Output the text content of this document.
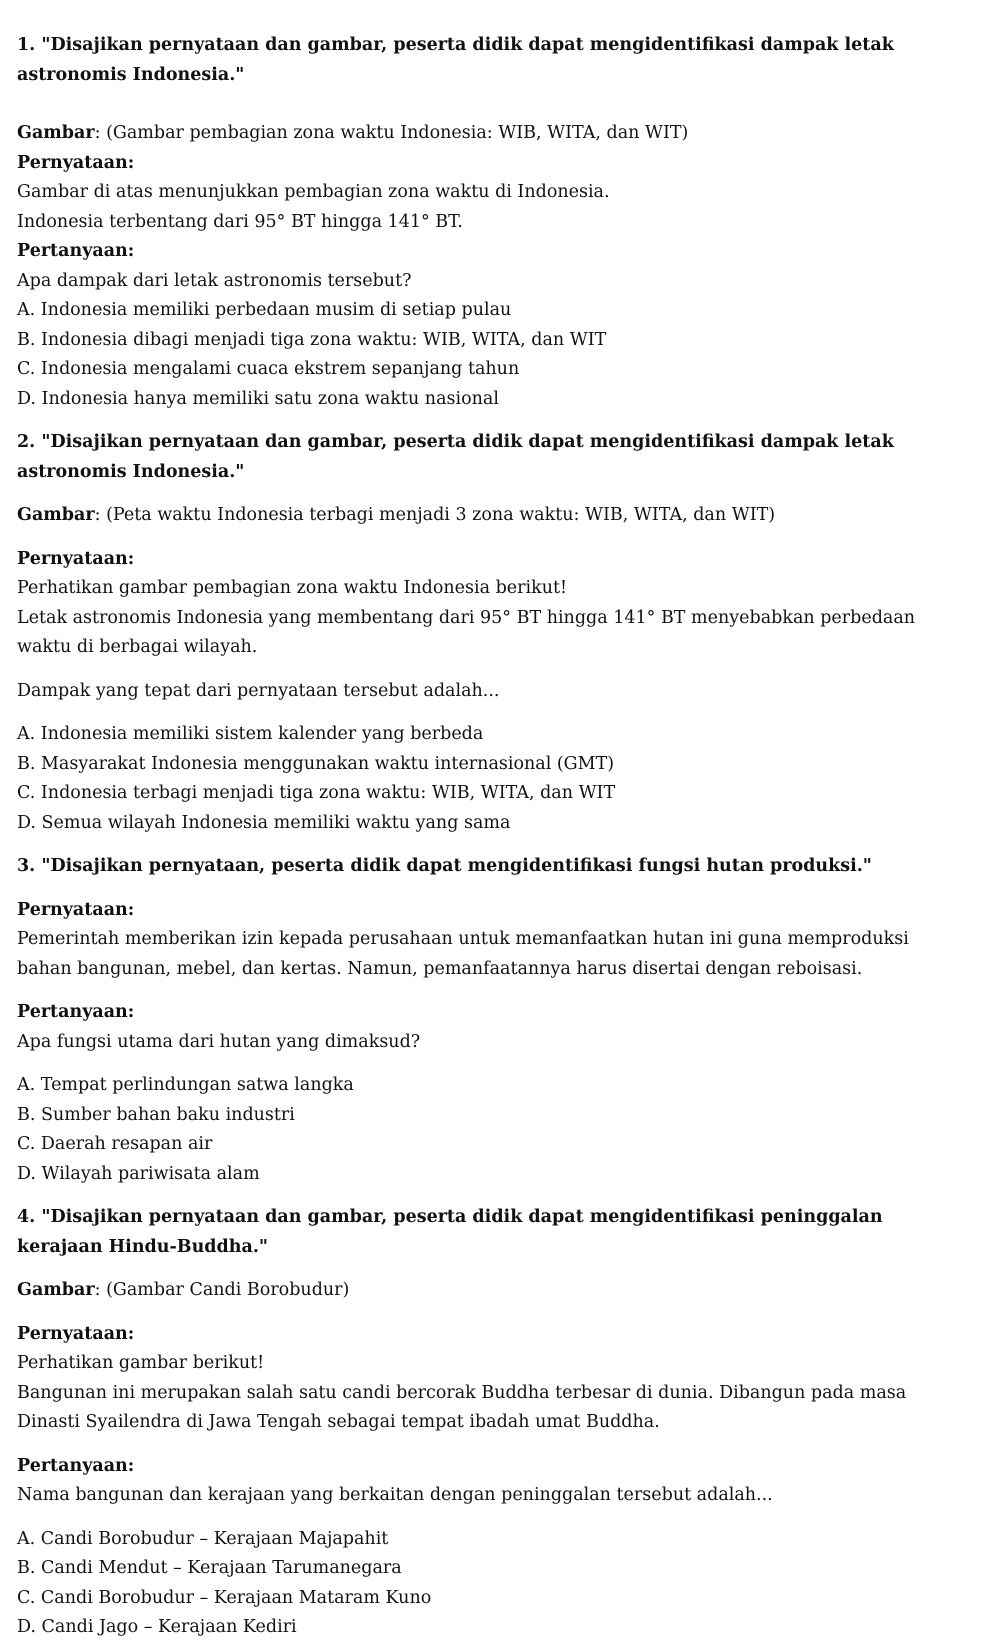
1. "Disajikan pernyataan dan gambar, peserta didik dapat mengidentifikasi dampak letak astronomis Indonesia."

Gambar: (Gambar pembagian zona waktu Indonesia: WIB, WITA, dan WIT)

Pernyataan:

Gambar di atas menunjukkan pembagian zona waktu di Indonesia.

Indonesia terbentang dari 95° BT hingga 141° BT.

Pertanyaan:

Apa dampak dari letak astronomis tersebut?

A. Indonesia memiliki perbedaan musim di setiap pulau

B. Indonesia dibagi menjadi tiga zona waktu: WIB, WITA, dan WIT

C. Indonesia mengalami cuaca ekstrem sepanjang tahun

D. Indonesia hanya memiliki satu zona waktu nasional

2. "Disajikan pernyataan dan gambar, peserta didik dapat mengidentifikasi dampak letak astronomis Indonesia."

Gambar: (Peta waktu Indonesia terbagi menjadi 3 zona waktu: WIB, WITA, dan WIT)

Pernyataan:

Perhatikan gambar pembagian zona waktu Indonesia berikut!

Letak astronomis Indonesia yang membentang dari 95° BT hingga 141° BT menyebabkan perbedaan waktu di berbagai wilayah.

Dampak yang tepat dari pernyataan tersebut adalah...

A. Indonesia memiliki sistem kalender yang berbeda

B. Masyarakat Indonesia menggunakan waktu internasional (GMT)

C. Indonesia terbagi menjadi tiga zona waktu: WIB, WITA, dan WIT

D. Semua wilayah Indonesia memiliki waktu yang sama

3. "Disajikan pernyataan, peserta didik dapat mengidentifikasi fungsi hutan produksi."

Pernyataan:

Pemerintah memberikan izin kepada perusahaan untuk memanfaatkan hutan ini guna memproduksi bahan bangunan, mebel, dan kertas. Namun, pemanfaatannya harus disertai dengan reboisasi.

Pertanyaan:

Apa fungsi utama dari hutan yang dimaksud?

A. Tempat perlindungan satwa langka

B. Sumber bahan baku industri

C. Daerah resapan air

D. Wilayah pariwisata alam

4. "Disajikan pernyataan dan gambar, peserta didik dapat mengidentifikasi peninggalan kerajaan Hindu-Buddha."

Gambar: (Gambar Candi Borobudur)

Pernyataan:

Perhatikan gambar berikut!

Bangunan ini merupakan salah satu candi bercorak Buddha terbesar di dunia. Dibangun pada masa Dinasti Syailendra di Jawa Tengah sebagai tempat ibadah umat Buddha.

Pertanyaan:

Nama bangunan dan kerajaan yang berkaitan dengan peninggalan tersebut adalah...

A. Candi Borobudur – Kerajaan Majapahit

B. Candi Mendut – Kerajaan Tarumanegara

C. Candi Borobudur – Kerajaan Mataram Kuno

D. Candi Jago – Kerajaan Kediri
